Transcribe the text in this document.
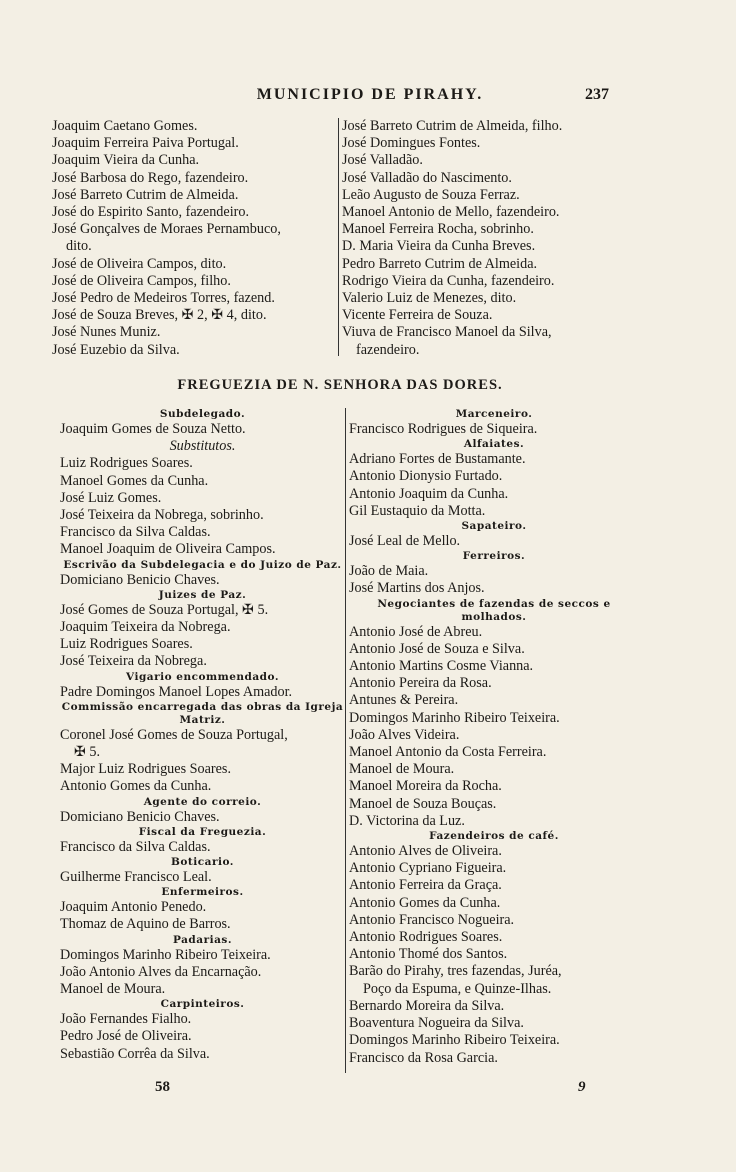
MUNICIPIO DE PIRAHY.	237
Joaquim Caetano Gomes.
Joaquim Ferreira Paiva Portugal.
Joaquim Vieira da Cunha.
José Barbosa do Rego, fazendeiro.
José Barreto Cutrim de Almeida.
José do Espirito Santo, fazendeiro.
José Gonçalves de Moraes Pernambuco,
dito.
José de Oliveira Campos, dito.
José de Oliveira Campos, filho.
José Pedro de Medeiros Torres, fazend.
José de Souza Breves, ✠ 2, ✠ 4, dito.
José Nunes Muniz.
José Euzebio da Silva.
José Barreto Cutrim de Almeida, filho.
José Domingues Fontes.
José Valladão.
José Valladão do Nascimento.
Leão Augusto de Souza Ferraz.
Manoel Antonio de Mello, fazendeiro.
Manoel Ferreira Rocha, sobrinho.
D. Maria Vieira da Cunha Breves.
Pedro Barreto Cutrim de Almeida.
Rodrigo Vieira da Cunha, fazendeiro.
Valerio Luiz de Menezes, dito.
Vicente Ferreira de Souza.
Viuva de Francisco Manoel da Silva,
fazendeiro.
FREGUEZIA DE N. SENHORA DAS DORES.
Subdelegado.
Joaquim Gomes de Souza Netto.
Substitutos.
Luiz Rodrigues Soares.
Manoel Gomes da Cunha.
José Luiz Gomes.
José Teixeira da Nobrega, sobrinho.
Francisco da Silva Caldas.
Manoel Joaquim de Oliveira Campos.
Escrivão da Subdelegacia e do Juizo de Paz.
Domiciano Benicio Chaves.
Juizes de Paz.
José Gomes de Souza Portugal, ✠ 5.
Joaquim Teixeira da Nobrega.
Luiz Rodrigues Soares.
José Teixeira da Nobrega.
Vigario encommendado.
Padre Domingos Manoel Lopes Amador.
Commissão encarregada das obras da Igreja Matriz.
Coronel José Gomes de Souza Portugal,
✠ 5.
Major Luiz Rodrigues Soares.
Antonio Gomes da Cunha.
Agente do correio.
Domiciano Benicio Chaves.
Fiscal da Freguezia.
Francisco da Silva Caldas.
Boticario.
Guilherme Francisco Leal.
Enfermeiros.
Joaquim Antonio Penedo.
Thomaz de Aquino de Barros.
Padarias.
Domingos Marinho Ribeiro Teixeira.
João Antonio Alves da Encarnação.
Manoel de Moura.
Carpinteiros.
João Fernandes Fialho.
Pedro José de Oliveira.
Sebastião Corrêa da Silva.
Marceneiro.
Francisco Rodrigues de Siqueira.
Alfaiates.
Adriano Fortes de Bustamante.
Antonio Dionysio Furtado.
Antonio Joaquim da Cunha.
Gil Eustaquio da Motta.
Sapateiro.
José Leal de Mello.
Ferreiros.
João de Maia.
José Martins dos Anjos.
Negociantes de fazendas de seccos e molhados.
Antonio José de Abreu.
Antonio José de Souza e Silva.
Antonio Martins Cosme Vianna.
Antonio Pereira da Rosa.
Antunes & Pereira.
Domingos Marinho Ribeiro Teixeira.
João Alves Videira.
Manoel Antonio da Costa Ferreira.
Manoel de Moura.
Manoel Moreira da Rocha.
Manoel de Souza Bouças.
D. Victorina da Luz.
Fazendeiros de café.
Antonio Alves de Oliveira.
Antonio Cypriano Figueira.
Antonio Ferreira da Graça.
Antonio Gomes da Cunha.
Antonio Francisco Nogueira.
Antonio Rodrigues Soares.
Antonio Thomé dos Santos.
Barão do Pirahy, tres fazendas, Juréa,
Poço da Espuma, e Quinze-Ilhas.
Bernardo Moreira da Silva.
Boaventura Nogueira da Silva.
Domingos Marinho Ribeiro Teixeira.
Francisco da Rosa Garcia.
58	9
